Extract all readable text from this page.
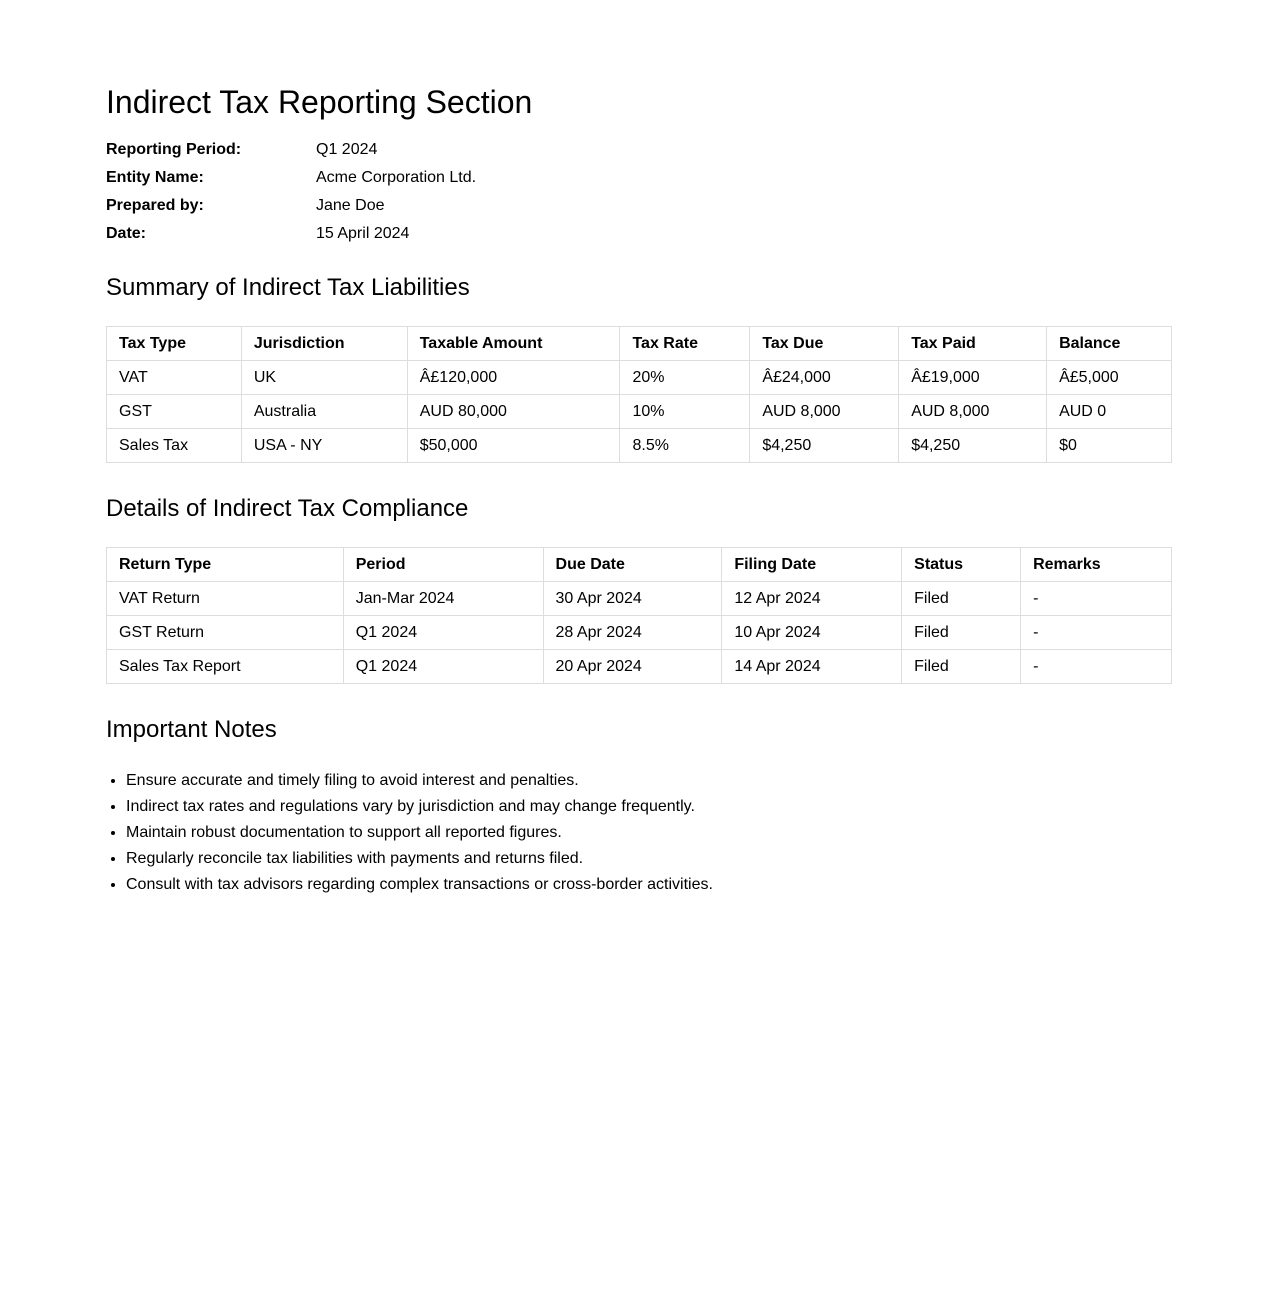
Indirect Tax Reporting Section
Reporting Period:	Q1 2024
Entity Name:	Acme Corporation Ltd.
Prepared by:	Jane Doe
Date:	15 April 2024
Summary of Indirect Tax Liabilities
Tax Type	Jurisdiction	Taxable Amount	Tax Rate	Tax Due	Tax Paid	Balance
VAT	UK	Â£120,000	20%	Â£24,000	Â£19,000	Â£5,000
GST	Australia	AUD 80,000	10%	AUD 8,000	AUD 8,000	AUD 0
Sales Tax	USA - NY	$50,000	8.5%	$4,250	$4,250	$0
Details of Indirect Tax Compliance
Return Type	Period	Due Date	Filing Date	Status	Remarks
VAT Return	Jan-Mar 2024	30 Apr 2024	12 Apr 2024	Filed	-
GST Return	Q1 2024	28 Apr 2024	10 Apr 2024	Filed	-
Sales Tax Report	Q1 2024	20 Apr 2024	14 Apr 2024	Filed	-
Important Notes
• Ensure accurate and timely filing to avoid interest and penalties.
• Indirect tax rates and regulations vary by jurisdiction and may change frequently.
• Maintain robust documentation to support all reported figures.
• Regularly reconcile tax liabilities with payments and returns filed.
• Consult with tax advisors regarding complex transactions or cross-border activities.
